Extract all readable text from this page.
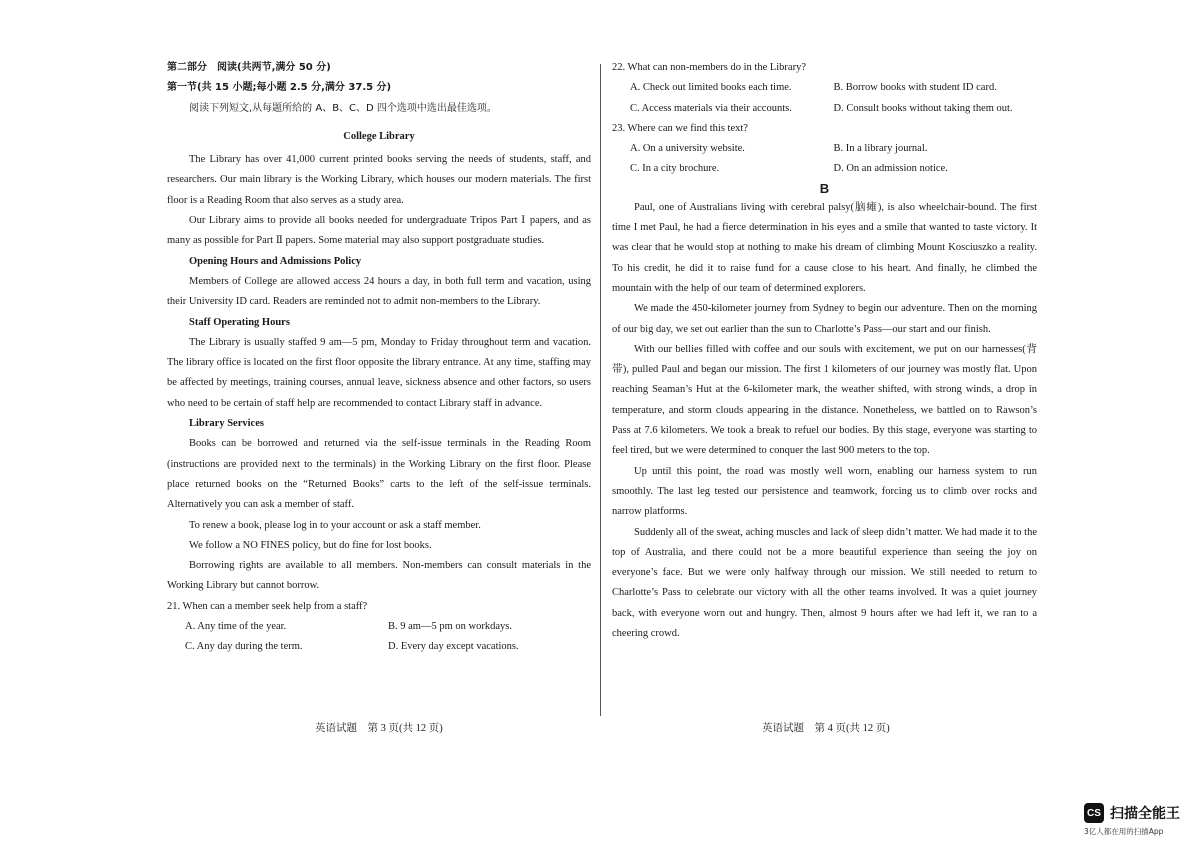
第二部分　阅读(共两节,满分 50 分)

第一节(共 15 小题;每小题 2.5 分,满分 37.5 分)

阅读下列短文,从每题所给的 A、B、C、D 四个选项中选出最佳选项。

College Library

The Library has over 41,000 current printed books serving the needs of students, staff, and researchers. Our main library is the Working Library, which houses our modern materials. The first floor is a Reading Room that also serves as a study area.

Our Library aims to provide all books needed for undergraduate Tripos Part Ⅰ papers, and as many as possible for Part Ⅱ papers. Some material may also support postgraduate studies.

Opening Hours and Admissions Policy

Members of College are allowed access 24 hours a day, in both full term and vacation, using their University ID card. Readers are reminded not to admit non-members to the Library.

Staff Operating Hours

The Library is usually staffed 9 am—5 pm, Monday to Friday throughout term and vacation. The library office is located on the first floor opposite the library entrance. At any time, staffing may be affected by meetings, training courses, annual leave, sickness absence and other factors, so users who need to be certain of staff help are recommended to contact Library staff in advance.

Library Services

Books can be borrowed and returned via the self-issue terminals in the Reading Room (instructions are provided next to the terminals) in the Working Library on the first floor. Please place returned books on the “Returned Books” carts to the left of the self-issue terminals. Alternatively you can ask a member of staff.

To renew a book, please log in to your account or ask a staff member.

We follow a NO FINES policy, but do fine for lost books.

Borrowing rights are available to all members. Non-members can consult materials in the Working Library but cannot borrow.

21. When can a member seek help from a staff?

A. Any time of the year.	B. 9 am—5 pm on workdays.
C. Any day during the term.	D. Every day except vacations.

22. What can non-members do in the Library?

A. Check out limited books each time.	B. Borrow books with student ID card.
C. Access materials via their accounts.	D. Consult books without taking them out.

23. Where can we find this text?

A. On a university website.	B. In a library journal.
C. In a city brochure.	D. On an admission notice.

B

Paul, one of Australians living with cerebral palsy(脑瘫), is also wheelchair-bound. The first time I met Paul, he had a fierce determination in his eyes and a smile that wanted to taste victory. It was clear that he would stop at nothing to make his dream of climbing Mount Kosciuszko a reality. To his credit, he did it to raise fund for a cause close to his heart. And finally, he climbed the mountain with the help of our team of determined explorers.

We made the 450-kilometer journey from Sydney to begin our adventure. Then on the morning of our big day, we set out earlier than the sun to Charlotte’s Pass—our start and our finish.

With our bellies filled with coffee and our souls with excitement, we put on our harnesses(背带), pulled Paul and began our mission. The first 1 kilometers of our journey was mostly flat. Upon reaching Seaman’s Hut at the 6-kilometer mark, the weather shifted, with strong winds, a drop in temperature, and storm clouds appearing in the distance. Nonetheless, we battled on to Rawson’s Pass at 7.6 kilometers. We took a break to refuel our bodies. By this stage, everyone was starting to feel tired, but we were determined to conquer the last 900 meters to the top.

Up until this point, the road was mostly well worn, enabling our harness system to run smoothly. The last leg tested our persistence and teamwork, forcing us to climb over rocks and narrow platforms.

Suddenly all of the sweat, aching muscles and lack of sleep didn’t matter. We had made it to the top of Australia, and there could not be a more beautiful experience than seeing the joy on everyone’s face. But we were only halfway through our mission. We still needed to return to Charlotte’s Pass to celebrate our victory with all the other teams involved. It was a quiet journey back, with everyone worn out and hungry. Then, almost 9 hours after we had left it, we ran to a cheering crowd.

英语试题　第 3 页(共 12 页)	英语试题　第 4 页(共 12 页)
CS 扫描全能王
3亿人都在用的扫描App
